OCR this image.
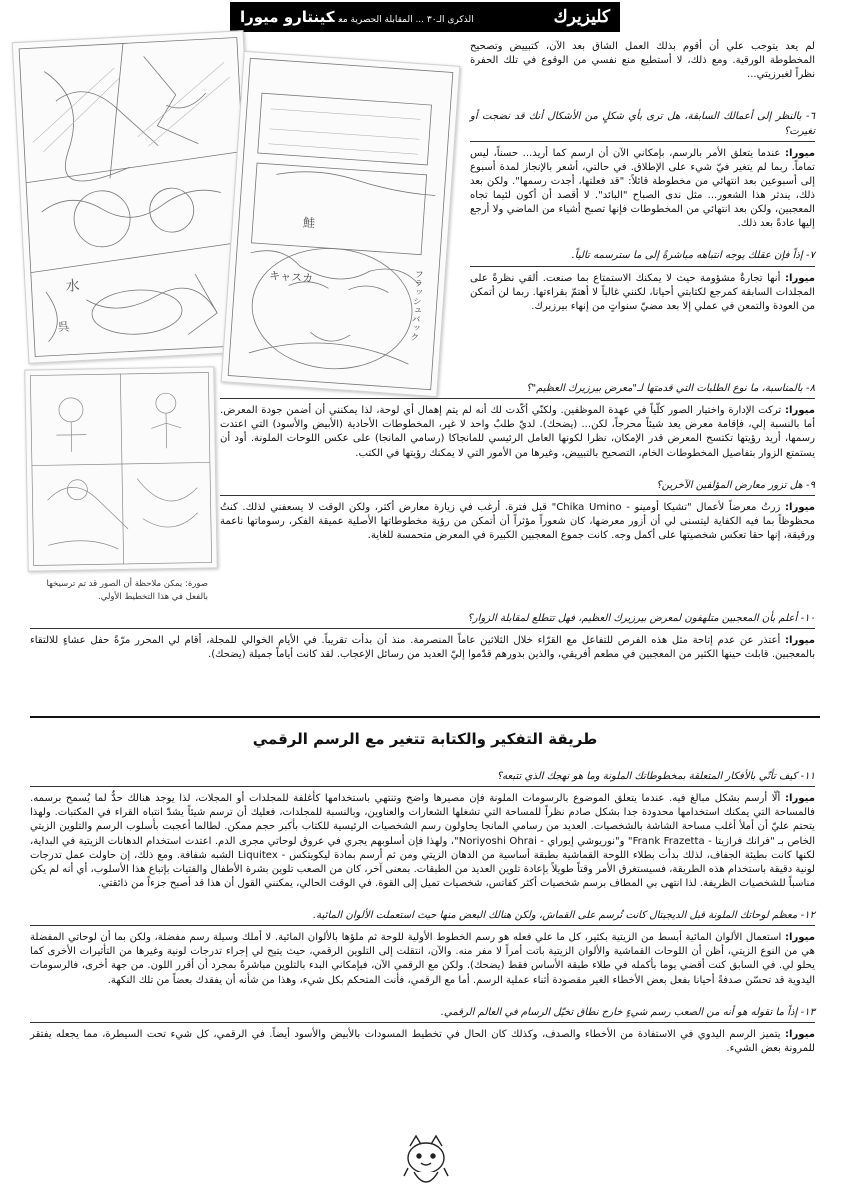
كليزيرك
الذكرى الـ٣٠ ... المقابلة الحصرية معكينتارو ميورا
水
呉
鮭
キャスカ	フラッシュバック
صورة: يمكن ملاحظة أن الصور قد تم ترسيخها بالفعل في هذا التخطيط الأولي.

لم يعد يتوجب علي أن أقوم بذلك العمل الشاق بعد الآن، كتبييض وتصحيح المخطوطة الورقية. ومع ذلك، لا أستطيع منع نفسي من الوقوع في تلك الحفرة نظراً لغبرزيتي...

٦- بالنظر إلى أعمالك السابقة، هل ترى بأي شكلٍ من الأشكال أنك قد نضجت أو تغيرت؟

ميورا: عندما يتعلق الأمر بالرسم، بإمكاني الآن أن ارسم كما أريد... حسناً، ليس تماماً. ربما لم يتغير فيّ شيء على الإطلاق. في حالتي، أشعر بالإنجاز لمدة أسبوع إلى أسبوعين بعد انتهائي من مخطوطة قائلاً: "قد فعلتها، أجدت رسمها". ولكن بعد ذلك، يندثر هذا الشعور... مثل ندى الصباح "البائد". لا أقصد أن أكون لئيما تجاه المعجبين، ولكن بعد انتهائي من المخطوطات فإنها تصبح أشياء من الماضي ولا أرجع إليها عادةً بعد ذلك.

٧- إذاً فإن عقلك يوجه انتباهه مباشرةً إلى ما سترسمه تالياً.

ميورا: أنها تجارةٌ مشؤومة حيث لا يمكنك الاستمتاع بما صنعت. ألقي نظرةً على المجلدات السابقة كمرجع لكتابتي أحيانا، لكنني غالباً لا أهتمّ بقراءتها. ربما لن أتمكن من العودة والتمعن في عملي إلا بعد مضيّ سنواتٍ من إنهاء بيرزيرك.

٨- بالمناسبة، ما نوع الطلبات التي قدمتها لـ"معرض بيرزيرك العظيم"؟

ميورا: تركت الإدارة واختيار الصور كلّياً في عهدة الموظفين. ولكنّي أكّدت لك أنه لم يتم إهمال أي لوحة، لذا يمكنني أن أضمن جودة المعرض. أما بالنسبة إلي، فإقامة معرض يعد شيئاً محرجاً، لكن... (يضحك). لديّ طلبٌ واحد لا غير، المخطوطات الأحادية (الأبيض والأسود) التي اعتدت رسمها، أريد رؤيتها تكتسح المعرض قدر الإمكان، نظرا لكونها العامل الرئيسي للمانجاكا (رسامي المانجا) على عكس اللوحات الملونة. أود أن يستمتع الزوار بتفاصيل المخطوطات الخام، التصحيح بالتبييض، وغيرها من الأمور التي لا يمكنك رؤيتها في الكتب.

٩- هل تزور معارض المؤلفين الآخرين؟

ميورا: زرتُ معرضاً لأعمال "تشيكا أومينو - Chika Umino" قبل فترة. أرغب في زيارة معارض أكثر، ولكن الوقت لا يسعفني لذلك. كنتُ محظوظاً بما فيه الكفاية ليتسنى لي أن أزور معرضها، كان شعوراً مؤثراً أن أتمكن من رؤية مخطوطاتها الأصلية عميقة الفكر، رسوماتها ناعمة ورقيقة، إنها حقا تعكس شخصيتها على أكمل وجه. كانت جموع المعجبين الكبيرة في المعرض متحمسة للغاية.

١٠- أعلم بأن المعجبين متلهفون لمعرض بيرزيرك العظيم، فهل تتطلع لمقابلة الزوار؟

ميورا: أعتذر عن عدم إتاحة مثل هذه الفرص للتفاعل مع القرّاء خلال الثلاثين عاماً المنصرمة. منذ أن بدأت تقريباً. في الأيام الخوالي للمجلة، أقام لي المحرر مرّةً حفل عشاءٍ للالتقاء بالمعجبين. قابلت حينها الكثير من المعجبين في مطعم أفريقي، والذين بدورهم قدّموا إليّ العديد من رسائل الإعجاب. لقد كانت أياماً جميلة (يضحك).

طريقة التفكير والكتابة تتغير مع الرسم الرقمي

١١- كيف تأتّي بالأفكار المتعلقة بمخطوطاتك الملونة وما هو نهجك الذي تتبعه؟

ميورا: ألّا أرسم بشكل مبالغ فيه. عندما يتعلق الموضوع بالرسومات الملونة فإن مصيرها واضح وتنتهي باستخدامها كأغلفة للمجلدات أو المجلات، لذا يوجد هنالك حدٌّ لما يُسمح برسمه. فالمساحة التي يمكنك استخدامها محدودة جدا بشكل صادم نظراً للمساحة التي تشغلها الشعارات والعناوين، وبالنسبة للمجلدات، فعليك أن ترسم شيئاً يشدّ انتباه القراء في المكتبات. ولهذا يتحتم عليّ أن أملأ أغلب مساحة الشاشة بالشخصيات. العديد من رسامي المانجا يحاولون رسم الشخصيات الرئيسية للكتاب بأكبر حجم ممكن. لطالما أعجبت بأسلوب الرسم والتلوين الزيتي الخاص بـ "فرانك فرازيتا - Frank Frazetta" و"نوريوشي إيوراي - Noriyoshi Ohrai"، ولهذا فإن أسلوبهم يجري في عروق لوحاتي مجرى الدم. اعتدت استخدام الدهانات الزيتية في البداية، لكنها كانت بطيئة الجفاف، لذلك بدأت بطلاء اللوحة القماشية بطبقة أساسية من الدهان الزيتي ومن ثم أرسم بمادة ليكويتكس - Liquitex الشبه شفافة. ومع ذلك، إن حاولت عمل تدرجات لونية دقيقة باستخدام هذه الطريقة، فسيستغرق الأمر وقتاً طويلاً بإعادة تلوين العديد من الطبقات. بمعنى آخر، كان من الصعب تلوين بشرة الأطفال والفتيات بإتباع هذا الأسلوب، أي أنه لم يكن مناسباً للشخصيات الظريفة. لذا انتهى بي المطاف برسم شخصيات أكثر كفاتس، شخصيات تميل إلى القوة. في الوقت الحالي، يمكنني القول أن هذا قد أصبح جزءاً من ذائقتي.

١٢- معظم لوحاتك الملونة قبل الديجيتال كانت تُرسم على القماش، ولكن هنالك البعض منها حيث استعملت الألوان المائية.

ميورا: استعمال الألوان المائية أبسط من الزيتية بكثير، كل ما علي فعله هو رسم الخطوط الأولية للوحة ثم ملؤها بالألوان المائية. لا أملك وسيلة رسم مفضلة، ولكن بما أن لوحاتي المفضلة هي من النوع الزيتي، أظن أن اللوحات القماشية والألوان الزيتية باتت أمراً لا مفر منه. والآن، انتقلت إلى التلوين الرقمي، حيث يتيح لي إجراء تدرجات لونية وغيرها من التأثيرات الأخرى كما يحلو لي. في السابق كنت أقضي يوما بأكمله في طلاء طبقة الأساس فقط (يضحك). ولكن مع الرقمي الآن، فبإمكاني البدء بالتلوين مباشرةً بمجرد أن أقرر اللون. من جهة أخرى، فالرسومات اليدوية قد تحسّن صدفةً أحيانا بفعل بعض الأخطاء الغير مقصودة أثناء عملية الرسم. أما مع الرقمي، فأنت المتحكم بكل شيء، وهذا من شأنه أن يفقدك بعضاً من تلك النكهة.

١٣- إذاً ما تقوله هو أنه من الصعب رسم شيءٍ خارج نطاق تخيّل الرسام في العالم الرقمي.

ميورا: يتميز الرسم اليدوي في الاستفادة من الأخطاء والصدف، وكذلك كان الحال في تخطيط المسودات بالأبيض والأسود أيضاً. في الرقمي، كل شيء تحت السيطرة، مما يجعله يفتقر للمرونة بعض الشيء.
